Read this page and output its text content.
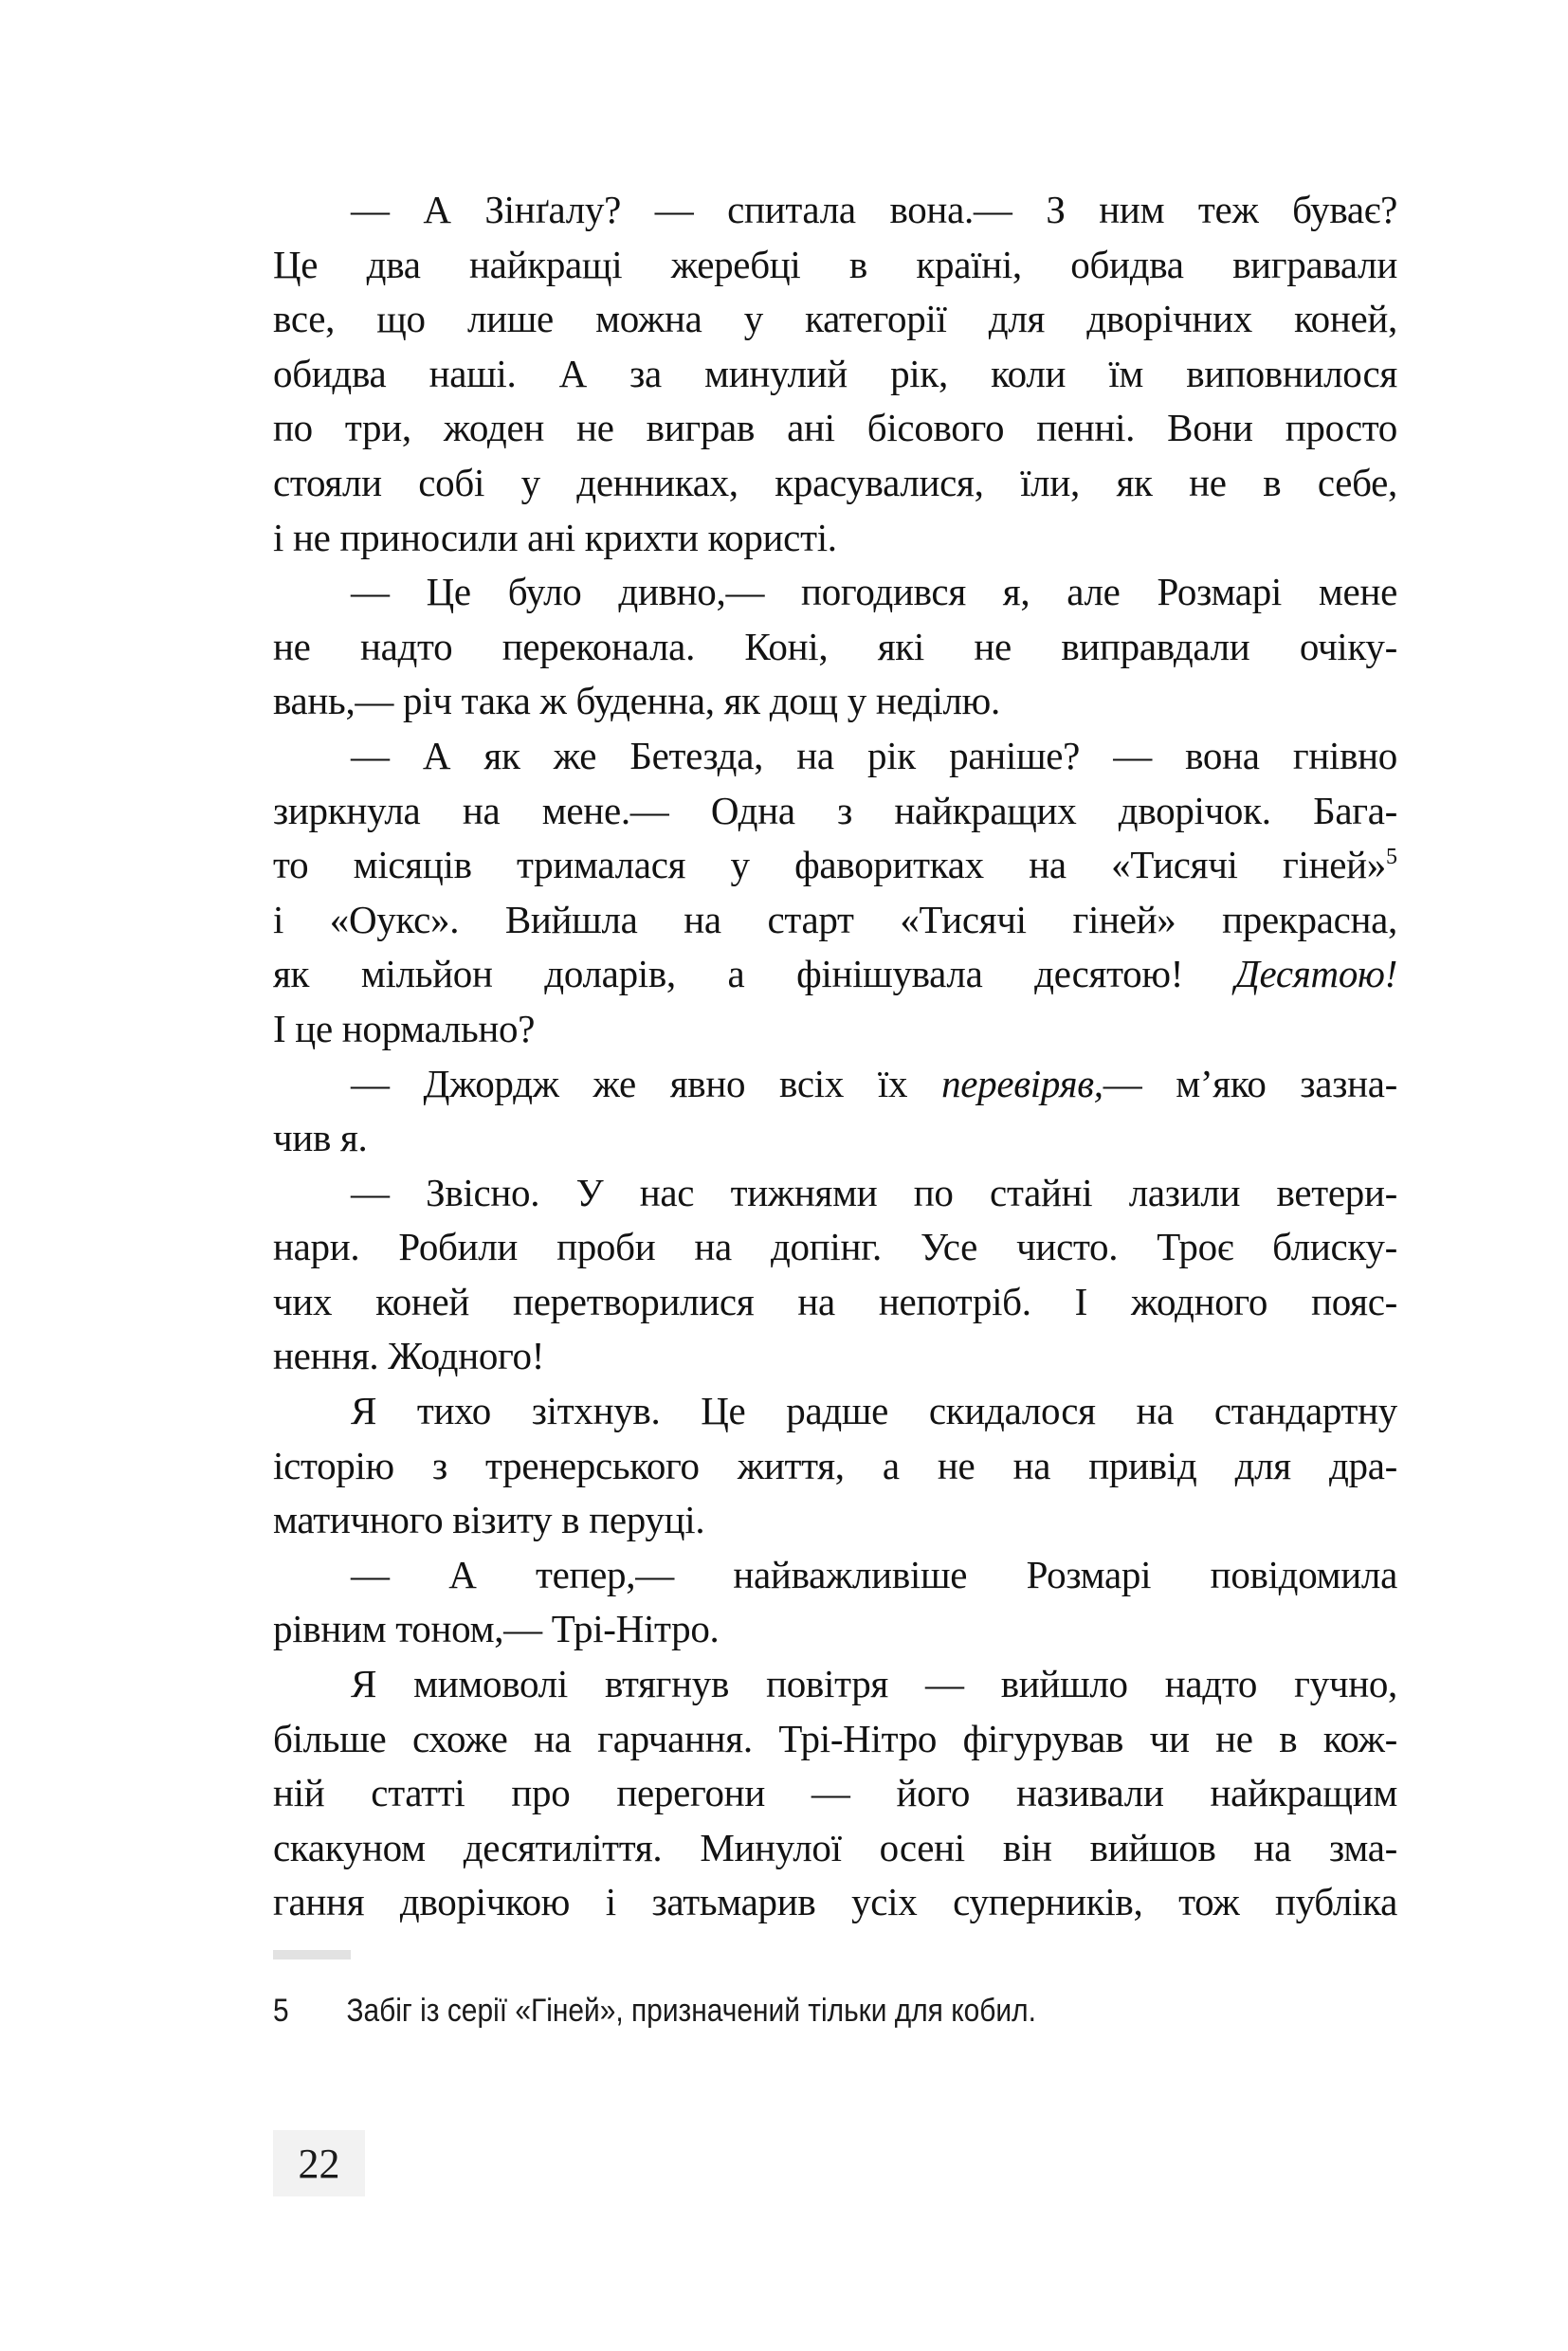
— А Зінґалу? — спитала вона.— З ним теж буває?
Це два найкращі жеребці в країні, обидва вигравали
все, що лише можна у категорії для дворічних коней,
обидва наші. А за минулий рік, коли їм виповнилося
по три, жоден не виграв ані бісового пенні. Вони просто
стояли собі у денниках, красувалися, їли, як не в себе,
і не приносили ані крихти користі.
— Це було дивно,— погодився я, але Розмарі мене
не надто переконала. Коні, які не виправдали очіку-
вань,— річ така ж буденна, як дощ у неділю.
— А як же Бетезда, на рік раніше? — вона гнівно
зиркнула на мене.— Одна з найкращих дворічок. Бага-
то місяців трималася у фаворитках на «Тисячі гіней»$^5$
і «Оукс». Вийшла на старт «Тисячі гіней» прекрасна,
як мільйон доларів, а фінішувала десятою! Десятою!
І це нормально?
— Джордж же явно всіх їх перевіряв,— м’яко зазна-
чив я.
— Звісно. У нас тижнями по стайні лазили ветери-
нари. Робили проби на допінг. Усе чисто. Троє блиску-
чих коней перетворилися на непотріб. І жодного пояс-
нення. Жодного!
Я тихо зітхнув. Це радше скидалося на стандартну
історію з тренерського життя, а не на привід для дра-
матичного візиту в перуці.
— А тепер,— найважливіше Розмарі повідомила
рівним тоном,— Трі-Нітро.
Я мимоволі втягнув повітря — вийшло надто гучно,
більше схоже на гарчання. Трі-Нітро фігурував чи не в кож-
ній статті про перегони — його називали найкращим
скакуном десятиліття. Минулої осені він вийшов на зма-
гання дворічкою і затьмарив усіх суперників, тож публіка
5	Забіг із серії «Гіней», призначений тільки для кобил.
22
